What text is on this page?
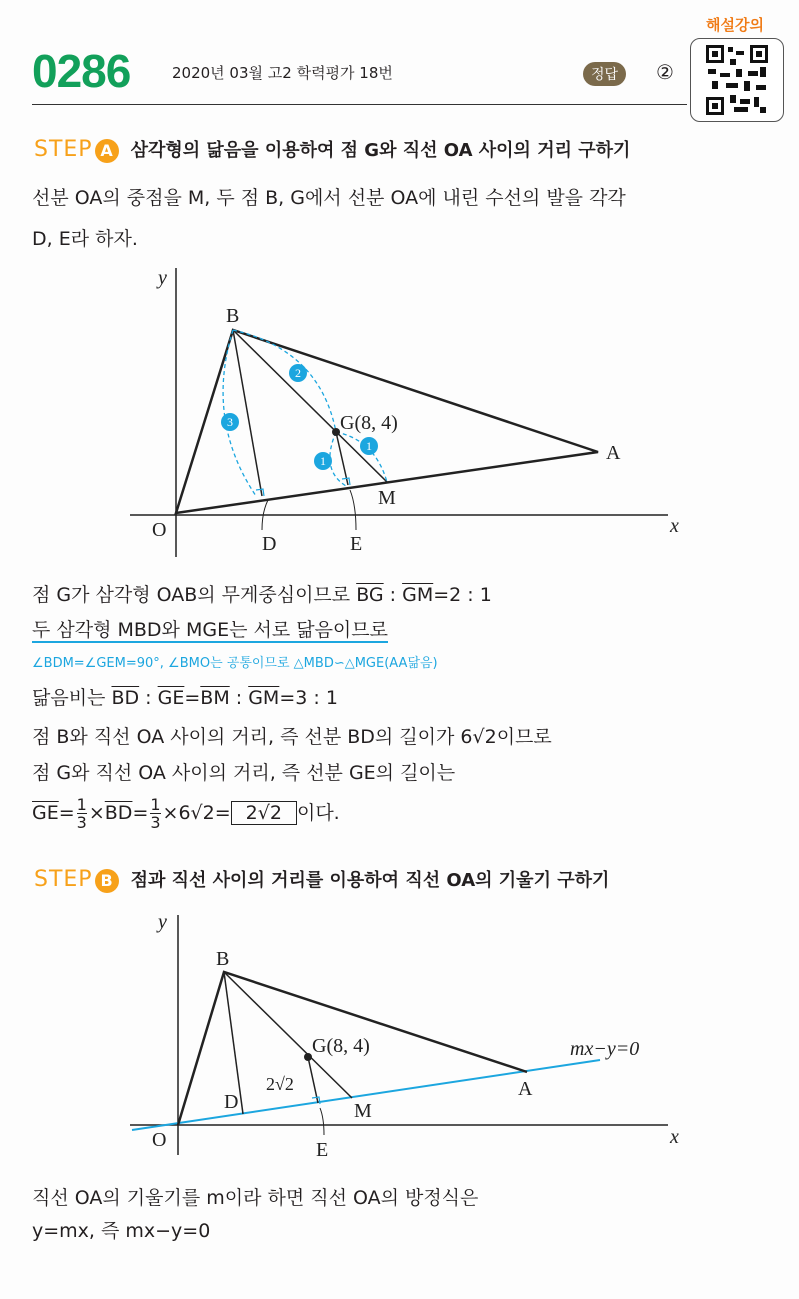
0286	2020년 03월 고2 학력평가 18번	정답	②
해설강의
STEP A 삼각형의 닮음을 이용하여 점 G와 직선 OA 사이의 거리 구하기
선분 OA의 중점을 M, 두 점 B, G에서 선분 OA에 내린 수선의 발을 각각
D, E라 하자.
3
2
1
1
y
x
O
B
A
G(8, 4)
M
D	E
점 G가 삼각형 OAB의 무게중심이므로 $\overline{BG}$ : $\overline{GM}=2$ : 1
두 삼각형 MBD와 MGE는 서로 닮음이므로
∠BDM=∠GEM=90°, ∠BMO는 공통이므로 △MBD∽△MGE(AA닮음)
닮음비는 $\overline{BD}$ : $\overline{GE}=\overline{BM}$ : $\overline{GM}=3$ : 1
점 B와 직선 OA 사이의 거리, 즉 선분 BD의 길이가 6√2이므로
점 G와 직선 OA 사이의 거리, 즉 선분 GE의 길이는
$\overline{GE}= \frac{1}{3} \times\overline{BD}= \frac{1}{3} \times 6√2= 2√2$ 이다.
STEP B 점과 직선 사이의 거리를 이용하여 직선 OA의 기울기 구하기
y
x
O
B
A
G(8, 4)
M
D
E
2√2
mx−y=0
직선 OA의 기울기를 m이라 하면 직선 OA의 방정식은
y=mx, 즉 mx−y=0
